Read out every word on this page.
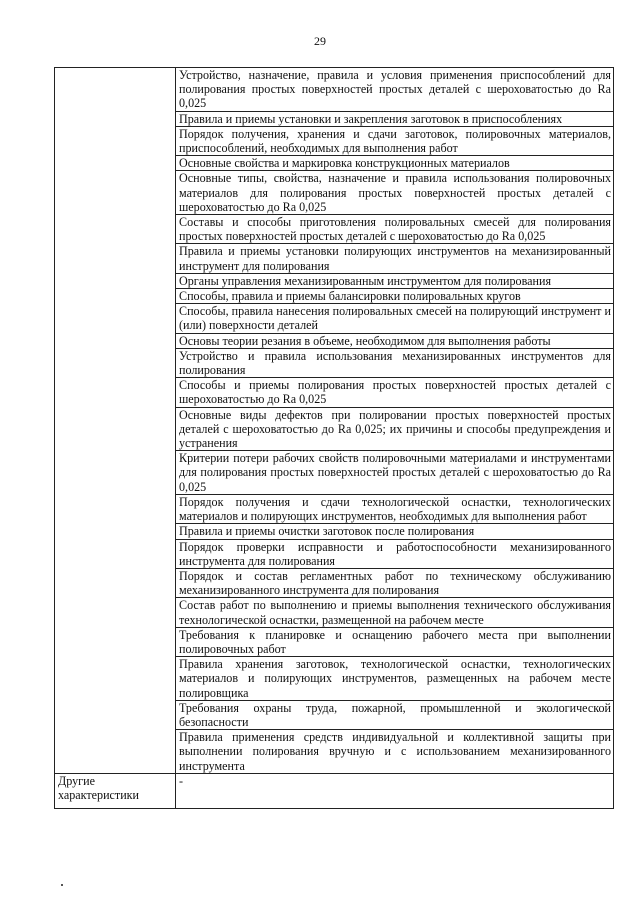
29
	Устройство, назначение, правила и условия применения приспособлений для полирования простых поверхностей простых деталей с шероховатостью до Ra 0,025
	Правила и приемы установки и закрепления заготовок в приспособлениях
	Порядок получения, хранения и сдачи заготовок, полировочных материалов, приспособлений, необходимых для выполнения работ
	Основные свойства и маркировка конструкционных материалов
	Основные типы, свойства, назначение и правила использования полировочных материалов для полирования простых поверхностей простых деталей с шероховатостью до Ra 0,025
	Составы и способы приготовления полировальных смесей для полирования простых поверхностей простых деталей с шероховатостью до Ra 0,025
	Правила и приемы установки полирующих инструментов на механизированный инструмент для полирования
	Органы управления механизированным инструментом для полирования
	Способы, правила и приемы балансировки полировальных кругов
	Способы, правила нанесения полировальных смесей на полирующий инструмент и (или) поверхности деталей
	Основы теории резания в объеме, необходимом для выполнения работы
	Устройство и правила использования механизированных инструментов для полирования
	Способы и приемы полирования простых поверхностей простых деталей с шероховатостью до Ra 0,025
	Основные виды дефектов при полировании простых поверхностей простых деталей с шероховатостью до Ra 0,025; их причины и способы предупреждения и устранения
	Критерии потери рабочих свойств полировочными материалами и инструментами для полирования простых поверхностей простых деталей с шероховатостью до Ra 0,025
	Порядок получения и сдачи технологической оснастки, технологических материалов и полирующих инструментов, необходимых для выполнения работ
	Правила и приемы очистки заготовок после полирования
	Порядок проверки исправности и работоспособности механизированного инструмента для полирования
	Порядок и состав регламентных работ по техническому обслуживанию механизированного инструмента для полирования
	Состав работ по выполнению и приемы выполнения технического обслуживания технологической оснастки, размещенной на рабочем месте
	Требования к планировке и оснащению рабочего места при выполнении полировочных работ
	Правила хранения заготовок, технологической оснастки, технологических материалов и полирующих инструментов, размещенных на рабочем месте полировщика
	Требования охраны труда, пожарной, промышленной и экологической безопасности
	Правила применения средств индивидуальной и коллективной защиты при выполнении полирования вручную и с использованием механизированного инструмента
Другие характеристики	-
